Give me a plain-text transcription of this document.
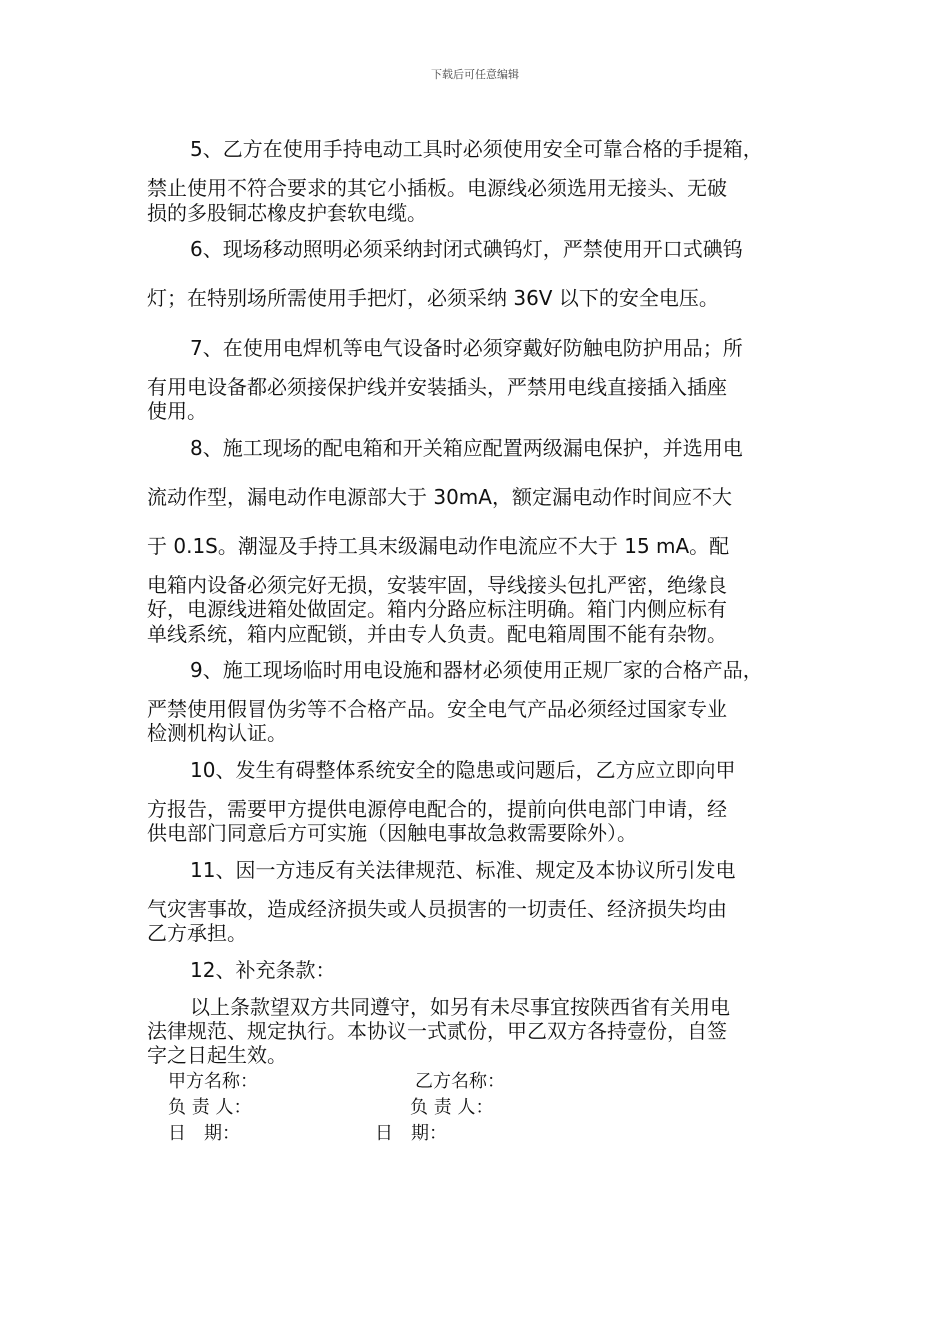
下载后可任意编辑
5、乙方在使用手持电动工具时必须使用安全可靠合格的手提箱，
禁止使用不符合要求的其它小插板。电源线必须选用无接头、无破
损的多股铜芯橡皮护套软电缆。
6、现场移动照明必须采纳封闭式碘钨灯，严禁使用开口式碘钨
灯；在特别场所需使用手把灯，必须采纳 36V 以下的安全电压。
7、在使用电焊机等电气设备时必须穿戴好防触电防护用品；所
有用电设备都必须接保护线并安装插头，严禁用电线直接插入插座
使用。
8、施工现场的配电箱和开关箱应配置两级漏电保护，并选用电
流动作型，漏电动作电源部大于 30mA，额定漏电动作时间应不大
于 0.1S。潮湿及手持工具末级漏电动作电流应不大于 15 mA。配
电箱内设备必须完好无损，安装牢固，导线接头包扎严密，绝缘良
好，电源线进箱处做固定。箱内分路应标注明确。箱门内侧应标有
单线系统，箱内应配锁，并由专人负责。配电箱周围不能有杂物。
9、施工现场临时用电设施和器材必须使用正规厂家的合格产品，
严禁使用假冒伪劣等不合格产品。安全电气产品必须经过国家专业
检测机构认证。
10、发生有碍整体系统安全的隐患或问题后，乙方应立即向甲
方报告，需要甲方提供电源停电配合的，提前向供电部门申请，经
供电部门同意后方可实施（因触电事故急救需要除外）。
11、因一方违反有关法律规范、标准、规定及本协议所引发电
气灾害事故，造成经济损失或人员损害的一切责任、经济损失均由
乙方承担。
12、补充条款：
以上条款望双方共同遵守，如另有未尽事宜按陕西省有关用电
法律规范、规定执行。本协议一式贰份，甲乙双方各持壹份，自签
字之日起生效。
甲方名称：	乙方名称：
负 责 人：	负 责 人：
日　期：	日　期：
